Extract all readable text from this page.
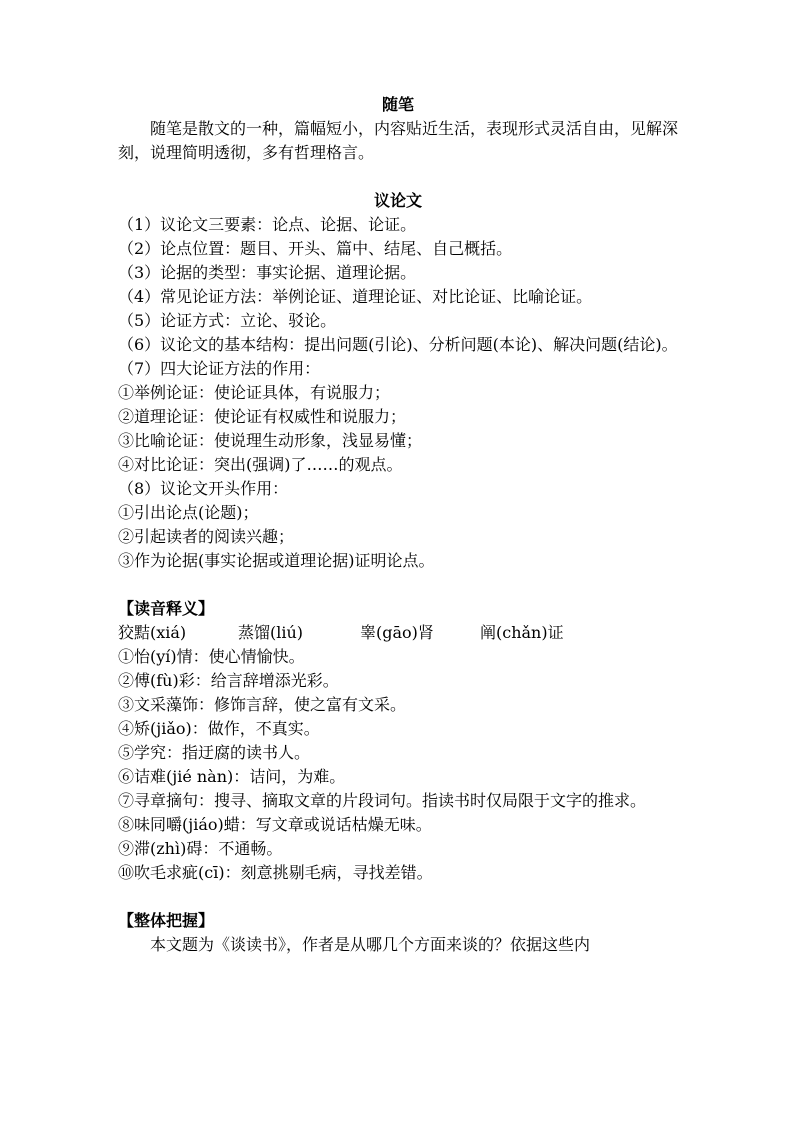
随笔

随笔是散文的一种，篇幅短小，内容贴近生活，表现形式灵活自由，见解深刻，说理简明透彻，多有哲理格言。

议论文

（1）议论文三要素：论点、论据、论证。

（2）论点位置：题目、开头、篇中、结尾、自己概括。

（3）论据的类型：事实论据、道理论据。

（4）常见论证方法：举例论证、道理论证、对比论证、比喻论证。

（5）论证方式：立论、驳论。

（6）议论文的基本结构：提出问题(引论)、分析问题(本论)、解决问题(结论)。

（7）四大论证方法的作用：

①举例论证：使论证具体，有说服力；

②道理论证：使论证有权威性和说服力；

③比喻论证：使说理生动形象，浅显易懂；

④对比论证：突出(强调)了……的观点。

（8）议论文开头作用：

①引出论点(论题)；

②引起读者的阅读兴趣；

③作为论据(事实论据或道理论据)证明论点。

【读音释义】

狡黠(xiá)	蒸馏(liú)	睾(gāo)肾	阐(chǎn)证

①怡(yí)情：使心情愉快。

②傅(fù)彩：给言辞增添光彩。

③文采藻饰：修饰言辞，使之富有文采。

④矫(jiǎo)：做作，不真实。

⑤学究：指迂腐的读书人。

⑥诘难(jié nàn)：诘问，为难。

⑦寻章摘句：搜寻、摘取文章的片段词句。指读书时仅局限于文字的推求。

⑧味同嚼(jiáo)蜡：写文章或说话枯燥无味。

⑨滞(zhì)碍：不通畅。

⑩吹毛求疵(cī)：刻意挑剔毛病，寻找差错。

【整体把握】

本文题为《谈读书》，作者是从哪几个方面来谈的？依据这些内
